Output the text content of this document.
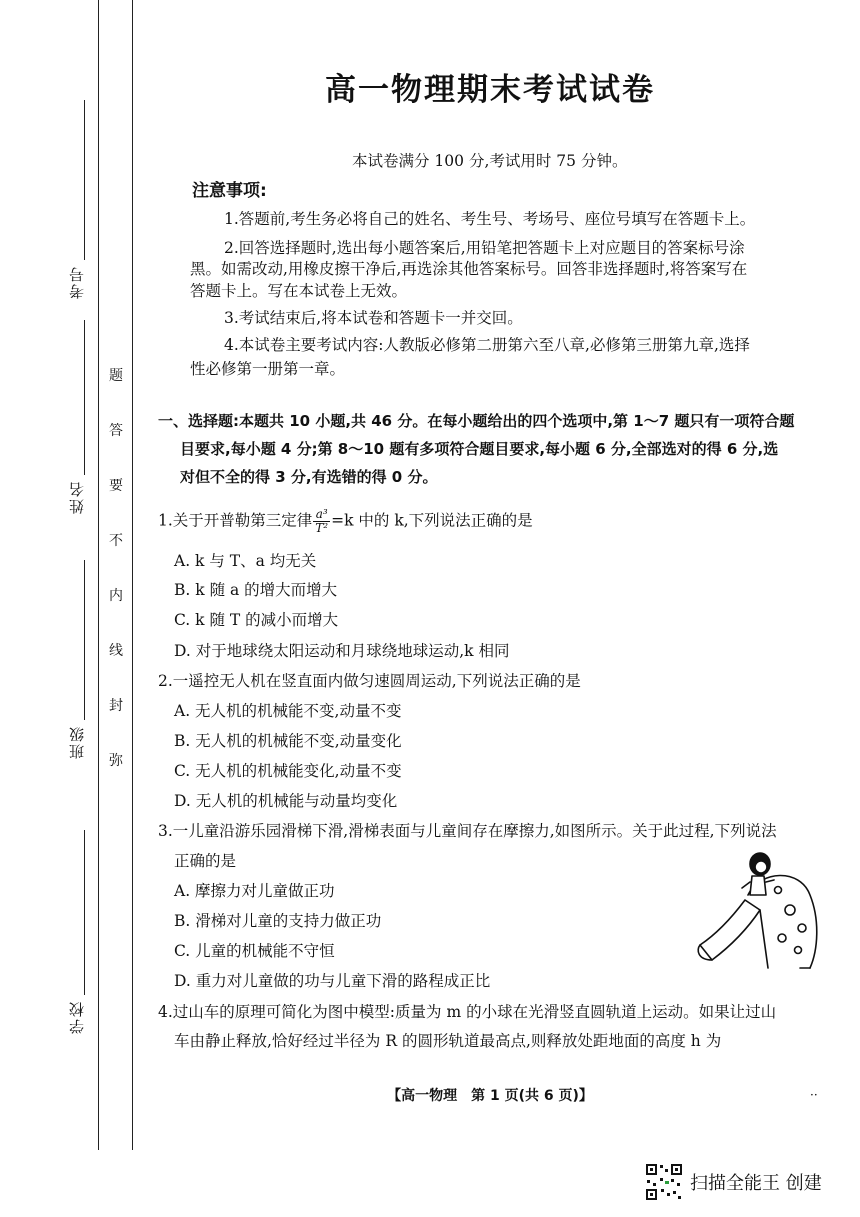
考号
姓名
班级
学校
题
答
要
不
内
线
封
弥
高一物理期末考试试卷
本试卷满分 100 分,考试用时 75 分钟。
注意事项:
1.答题前,考生务必将自己的姓名、考生号、考场号、座位号填写在答题卡上。
2.回答选择题时,选出每小题答案后,用铅笔把答题卡上对应题目的答案标号涂
黑。如需改动,用橡皮擦干净后,再选涂其他答案标号。回答非选择题时,将答案写在
答题卡上。写在本试卷上无效。
3.考试结束后,将本试卷和答题卡一并交回。
4.本试卷主要考试内容:人教版必修第二册第六至八章,必修第三册第九章,选择
性必修第一册第一章。
一、选择题:本题共 10 小题,共 46 分。在每小题给出的四个选项中,第 1～7 题只有一项符合题
目要求,每小题 4 分;第 8～10 题有多项符合题目要求,每小题 6 分,全部选对的得 6 分,选
对但不全的得 3 分,有选错的得 0 分。
1.关于开普勒第三定律 $\frac{\text{a³}}{\text{T²}} =k$ 中的 k,下列说法正确的是
A. k 与 T、a 均无关
B. k 随 a 的增大而增大
C. k 随 T 的减小而增大
D. 对于地球绕太阳运动和月球绕地球运动,k 相同
2.一遥控无人机在竖直面内做匀速圆周运动,下列说法正确的是
A. 无人机的机械能不变,动量不变
B. 无人机的机械能不变,动量变化
C. 无人机的机械能变化,动量不变
D. 无人机的机械能与动量均变化
3.一儿童沿游乐园滑梯下滑,滑梯表面与儿童间存在摩擦力,如图所示。关于此过程,下列说法
正确的是
A. 摩擦力对儿童做正功
B. 滑梯对儿童的支持力做正功
C. 儿童的机械能不守恒
D. 重力对儿童做的功与儿童下滑的路程成正比
4.过山车的原理可简化为图中模型:质量为 m 的小球在光滑竖直圆轨道上运动。如果让过山
车由静止释放,恰好经过半径为 R 的圆形轨道最高点,则释放处距地面的高度 h 为
【高一物理　第 1 页(共 6 页)】	··
扫描全能王 创建
